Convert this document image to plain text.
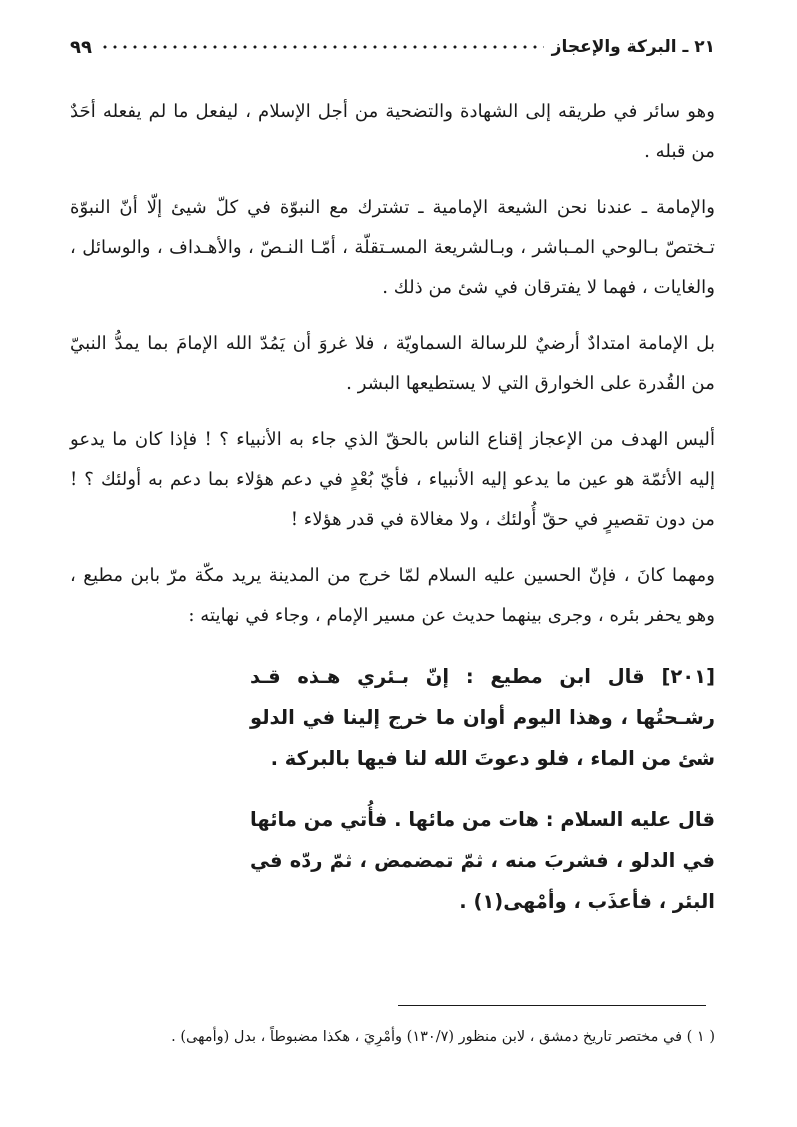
٢١ ـ البركة والإعجاز
٩٩

وهو سائر في طريقه إلى الشهادة والتضحية من أجل الإسلام ، ليفعل ما لم يفعله أحَدٌ من قبله .

والإمامة ـ عندنا نحن الشيعة الإمامية ـ تشترك مع النبوّة في كلّ شيئ إلّا أنّ النبوّة تـختصّ بـالوحي المـباشر ، وبـالشريعة المسـتقلّة ، أمّـا النـصّ ، والأهـداف ، والوسائل ، والغايات ، فهما لا يفترقان في شئ من ذلك .

بل الإمامة امتدادٌ أرضيٌ للرسالة السماويّة ، فلا غروَ أن يَمُدّ الله الإمامَ بما يمدُّ النبيّ من القُدرة على الخوارق التي لا يستطيعها البشر .

أليس الهدف من الإعجاز إقناع الناس بالحقّ الذي جاء به الأنبياء ؟ ! فإذا كان ما يدعو إليه الأئمّة هو عين ما يدعو إليه الأنبياء ، فأيّ بُعْدٍ في دعم هؤلاء بما دعم به أولئك ؟ ! من دون تقصيرٍ في حقّ أُولئك ، ولا مغالاة في قدر هؤلاء !

ومهما كانَ ، فإنّ الحسين عليه السلام لمّا خرج من المدينة يريد مكّة مرّ بابن مطيع ، وهو يحفر بئره ، وجرى بينهما حديث عن مسير الإمام ، وجاء في نهايته :

[٢٠١] قال ابن مطيع : إنّ بـئري هـذه قـد رشـحتُها ، وهذا اليوم أوان ما خرج إلينا في الدلو شئ من الماء ، فلو دعوتَ الله لنا فيها بالبركة .

قال عليه السلام : هات من مائها . فأُتي من مائها في الدلو ، فشربَ منه ، ثمّ تمضمض ، ثمّ ردّه في البئر ، فأعذَب ، وأمْهى(١) .

( ١ ) في مختصر تاريخ دمشق ، لابن منظور (١٣٠/٧) وأمْرِيَ ، هكذا مضبوطاً ، بدل (وأمهى) .
